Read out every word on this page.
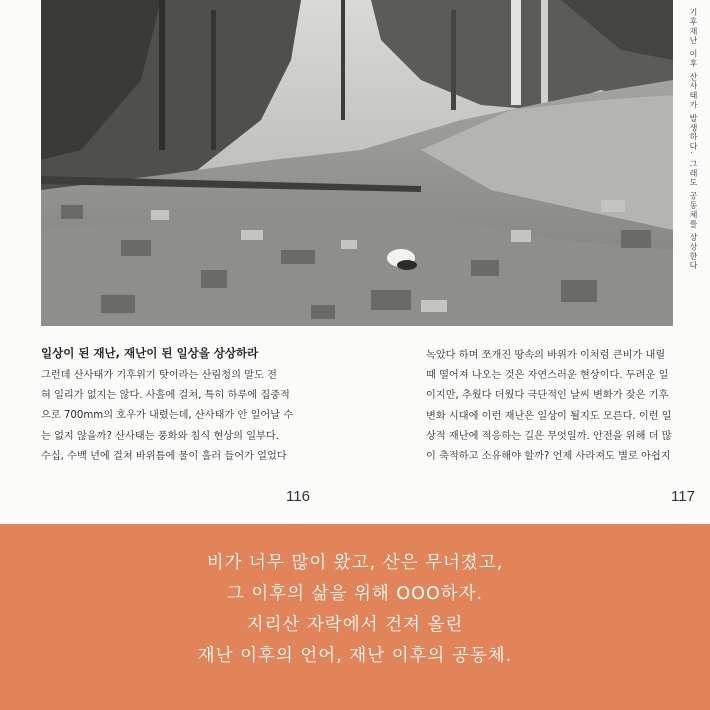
기후재난 이후 산사태가 발생하다. 그래도 공동체를 상상한다
일상이 된 재난, 재난이 된 일상을 상상하라
그런데 산사태가 기후위기 탓이라는 산림청의 말도 전
혀 일리가 없지는 않다. 사흘에 걸쳐, 특히 하루에 집중적
으로 700mm의 호우가 내렸는데, 산사태가 안 일어날 수
는 없지 않을까? 산사태는 풍화와 침식 현상의 일부다.
수십, 수백 년에 걸쳐 바위틈에 물이 흘러 들어가 얼었다
녹았다 하며 쪼개진 땅속의 바위가 이처럼 큰비가 내릴
때 떨어져 나오는 것은 자연스러운 현상이다. 두려운 일
이지만, 추웠다 더웠다 극단적인 날씨 변화가 잦은 기후
변화 시대에 이런 재난은 일상이 될지도 모른다. 이런 일
상적 재난에 적응하는 길은 무엇일까. 안전을 위해 더 많
이 축적하고 소유해야 할까? 언제 사라져도 별로 아쉽지
116	117
비가 너무 많이 왔고, 산은 무너졌고,
그 이후의 삶을 위해 OOO하자.
지리산 자락에서 건져 올린
재난 이후의 언어, 재난 이후의 공동체.
